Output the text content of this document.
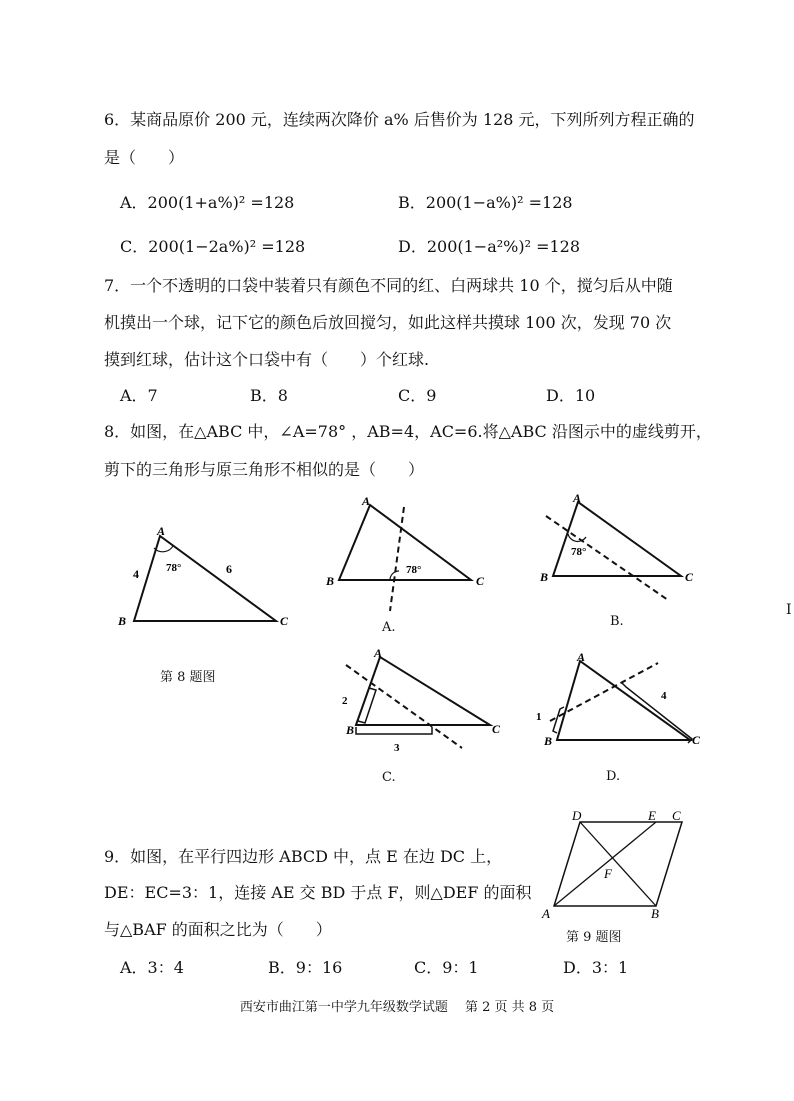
6．某商品原价 200 元，连续两次降价 a% 后售价为 128 元，下列所列方程正确的
是（　　）
A．200(1+a%)² =128	B．200(1−a%)² =128
C．200(1−2a%)² =128	D．200(1−a²%)² =128
7．一个不透明的口袋中装着只有颜色不同的红、白两球共 10 个，搅匀后从中随
机摸出一个球，记下它的颜色后放回搅匀，如此这样共摸球 100 次，发现 70 次
摸到红球，估计这个口袋中有（　　）个红球.
A．7	B．8	C．9	D．10
8．如图，在△ABC 中，∠A=78° ，AB=4，AC=6.将△ABC 沿图示中的虚线剪开，
剪下的三角形与原三角形不相似的是（　　）
A
B	C
78°
4	6
第 8 题图
A
B	C
78°
A.
A
B	C
78°
B.
A
B	C
2
3
C.
A
B	C
1
4
D.
9．如图，在平行四边形 ABCD 中，点 E 在边 DC 上，
DE：EC=3：1，连接 AE 交 BD 于点 F，则△DEF 的面积
与△BAF 的面积之比为（　　）
D	E C
F
A	B
第 9 题图
A．3：4	B．9：16	C．9：1	D．3：1
I
西安市曲江第一中学九年级数学试题　 第 2 页 共 8 页
